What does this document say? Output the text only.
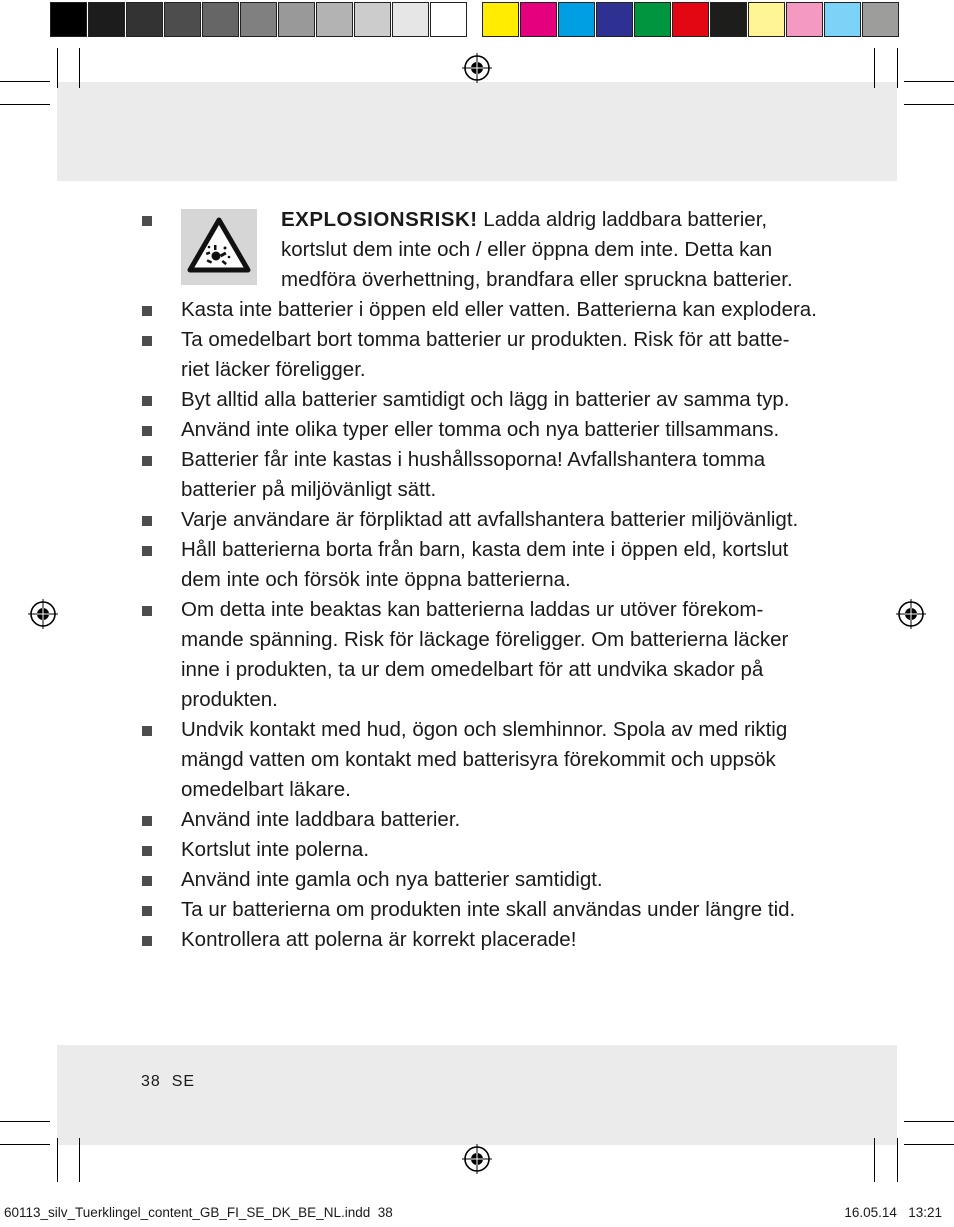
EXPLOSIONSRISK! Ladda aldrig laddbara batterier,
kortslut dem inte och / eller öppna dem inte. Detta kan
medföra överhettning, brandfara eller spruckna batterier.
Kasta inte batterier i öppen eld eller vatten. Batterierna kan explodera.
Ta omedelbart bort tomma batterier ur produkten. Risk för att batte-
riet läcker föreligger.
Byt alltid alla batterier samtidigt och lägg in batterier av samma typ.
Använd inte olika typer eller tomma och nya batterier tillsammans.
Batterier får inte kastas i hushållssoporna! Avfallshantera tomma
batterier på miljövänligt sätt.
Varje användare är förpliktad att avfallshantera batterier miljövänligt.
Håll batterierna borta från barn, kasta dem inte i öppen eld, kortslut
dem inte och försök inte öppna batterierna.
Om detta inte beaktas kan batterierna laddas ur utöver förekom-
mande spänning. Risk för läckage föreligger. Om batterierna läcker
inne i produkten, ta ur dem omedelbart för att undvika skador på
produkten.
Undvik kontakt med hud, ögon och slemhinnor. Spola av med riktig
mängd vatten om kontakt med batterisyra förekommit och uppsök
omedelbart läkare.
Använd inte laddbara batterier.
Kortslut inte polerna.
Använd inte gamla och nya batterier samtidigt.
Ta ur batterierna om produkten inte skall användas under längre tid.
Kontrollera att polerna är korrekt placerade!
38 SE
60113_silv_Tuerklingel_content_GB_FI_SE_DK_BE_NL.indd 38	16.05.14 13:21
